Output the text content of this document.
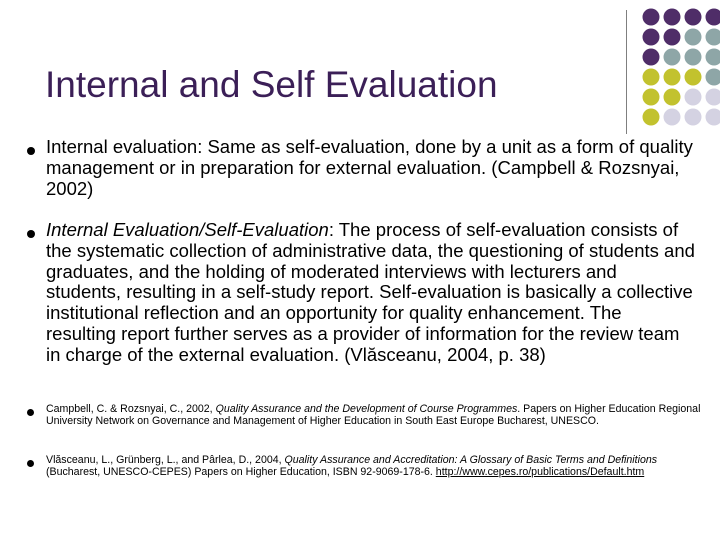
Internal and Self Evaluation

Internal evaluation: Same as self-evaluation, done by a unit as a form of quality management or in preparation for external evaluation. (Campbell & Rozsnyai, 2002)

Internal Evaluation/Self-Evaluation: The process of self-evaluation consists of the systematic collection of administrative data, the questioning of students and graduates, and the holding of moderated interviews with lecturers and students, resulting in a self-study report. Self-evaluation is basically a collective institutional reflection and an opportunity for quality enhancement. The resulting report further serves as a provider of information for the review team in charge of the external evaluation. (Vlăsceanu, 2004, p. 38)

Campbell, C. & Rozsnyai, C., 2002, Quality Assurance and the Development of Course Programmes. Papers on Higher Education Regional University Network on Governance and Management of Higher Education in South East Europe Bucharest, UNESCO.

Vlăsceanu, L., Grünberg, L., and Pârlea, D., 2004, Quality Assurance and Accreditation: A Glossary of Basic Terms and Definitions (Bucharest, UNESCO-CEPES) Papers on Higher Education, ISBN 92-9069-178-6. http://www.cepes.ro/publications/Default.htm
